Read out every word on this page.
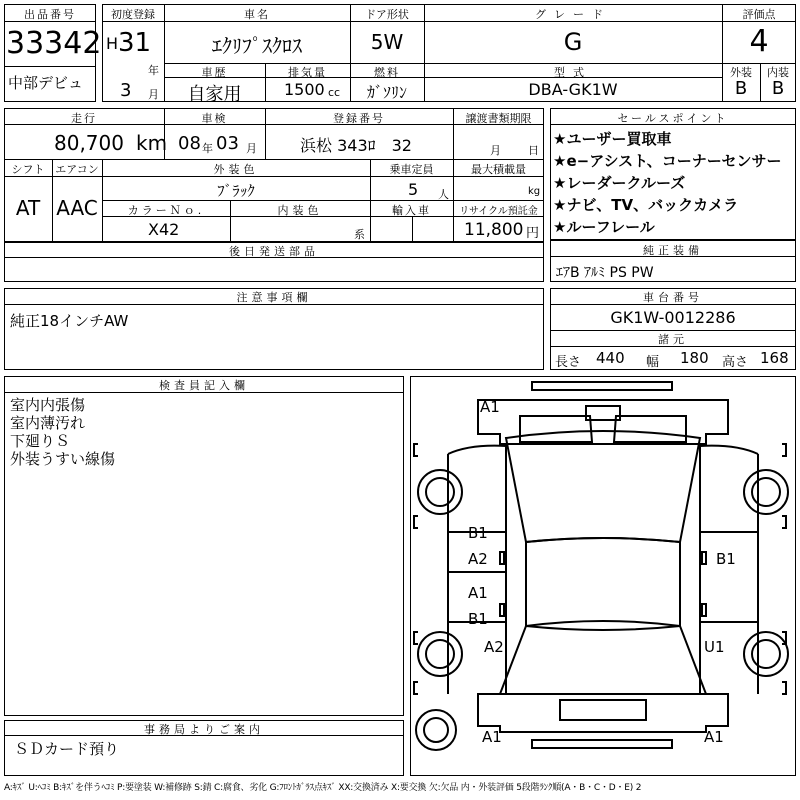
出品番号
33342
中部デビュ
初度登録
H 31
年
3 月
車名
ｴｸﾘﾌﾟｽｸﾛｽ
ドア形状
5W
グレード
G
評価点
4
外装	内装
B	B
車歴
自家用
排気量
1500 cc
燃料
ｶﾞｿﾘﾝ
型式
DBA-GK1W
走行
80,700 km
車検
08 年 03 月
登録番号
浜松 343ﾛ　32
譲渡書類期限
月 日
シフト
AT
エアコン
AAC
外装色
ﾌﾞﾗｯｸ
乗車定員
5 人
最大積載量
kg
カラーＮｏ.
X42
内装色
系
輸入車	リサイクル預託金
11,800 円
後日発送部品
セールスポイント
★ユーザー買取車
★e−アシスト、コーナーセンサー
★レーダークルーズ
★ナビ、TV、バックカメラ
★ルーフレール
純正装備
ｴｱB ｱﾙﾐ PS PW
注意事項欄
純正18インチAW
車台番号
GK1W-0012286
諸元
長さ 440 幅 180 高さ 168
検査員記入欄
室内内張傷
室内薄汚れ
下廻りＳ
外装うすい線傷
事務局よりご案内
ＳＤカード預り
A1
B1
A2	B1
A1
B1
A2	U1
A1	A1
A:ｷｽﾞ U:ﾍｺﾐ B:ｷｽﾞを伴うﾍｺﾐ P:要塗装 W:補修跡 S:錆 C:腐食、劣化 G:ﾌﾛﾝﾄｶﾞﾗｽ点ｷｽﾞ XX:交換済み X:要交換 欠:欠品 内・外装評価 5段階ﾗﾝｸ順(A・B・C・D・E) 2
